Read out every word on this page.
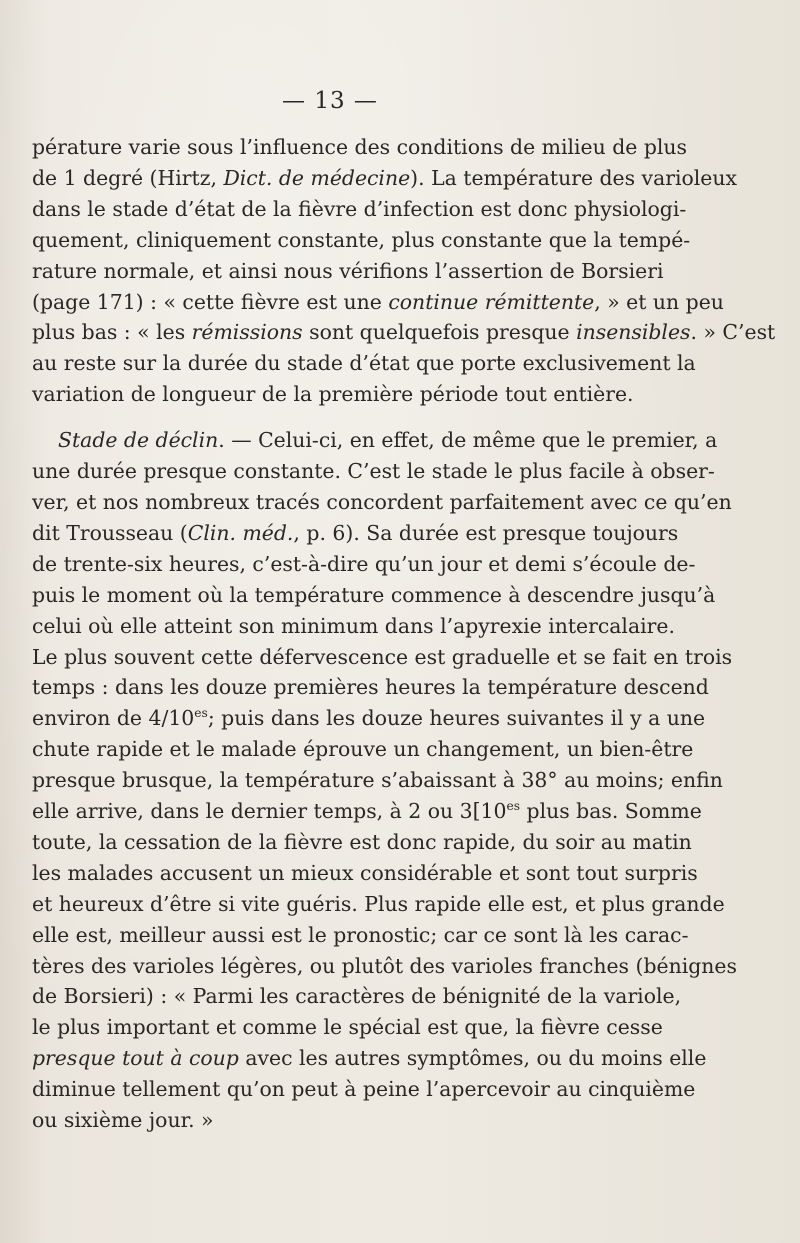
— 13 —
pérature varie sous l’influence des conditions de milieu de plus
de 1 degré (Hirtz, Dict. de médecine). La température des varioleux
dans le stade d’état de la fièvre d’infection est donc physiologi-
quement, cliniquement constante, plus constante que la tempé-
rature normale, et ainsi nous vérifions l’assertion de Borsieri
(page 171) : « cette fièvre est une continue rémittente, » et un peu
plus bas : « les rémissions sont quelquefois presque insensibles. » C’est
au reste sur la durée du stade d’état que porte exclusivement la
variation de longueur de la première période tout entière.
Stade de déclin. — Celui-ci, en effet, de même que le premier, a
une durée presque constante. C’est le stade le plus facile à obser-
ver, et nos nombreux tracés concordent parfaitement avec ce qu’en
dit Trousseau (Clin. méd., p. 6). Sa durée est presque toujours
de trente-six heures, c’est-à-dire qu’un jour et demi s’écoule de-
puis le moment où la température commence à descendre jusqu’à
celui où elle atteint son minimum dans l’apyrexie intercalaire.
Le plus souvent cette défervescence est graduelle et se fait en trois
temps : dans les douze premières heures la température descend
environ de $4/10^{es}$; puis dans les douze heures suivantes il y a une
chute rapide et le malade éprouve un changement, un bien-être
presque brusque, la température s’abaissant à 38° au moins; enfin
elle arrive, dans le dernier temps, à 2 ou $3[10^{es}$ plus bas. Somme
toute, la cessation de la fièvre est donc rapide, du soir au matin
les malades accusent un mieux considérable et sont tout surpris
et heureux d’être si vite guéris. Plus rapide elle est, et plus grande
elle est, meilleur aussi est le pronostic; car ce sont là les carac-
tères des varioles légères, ou plutôt des varioles franches (bénignes
de Borsieri) : « Parmi les caractères de bénignité de la variole,
le plus important et comme le spécial est que, la fièvre cesse
presque tout à coup avec les autres symptômes, ou du moins elle
diminue tellement qu’on peut à peine l’apercevoir au cinquième
ou sixième jour. »
